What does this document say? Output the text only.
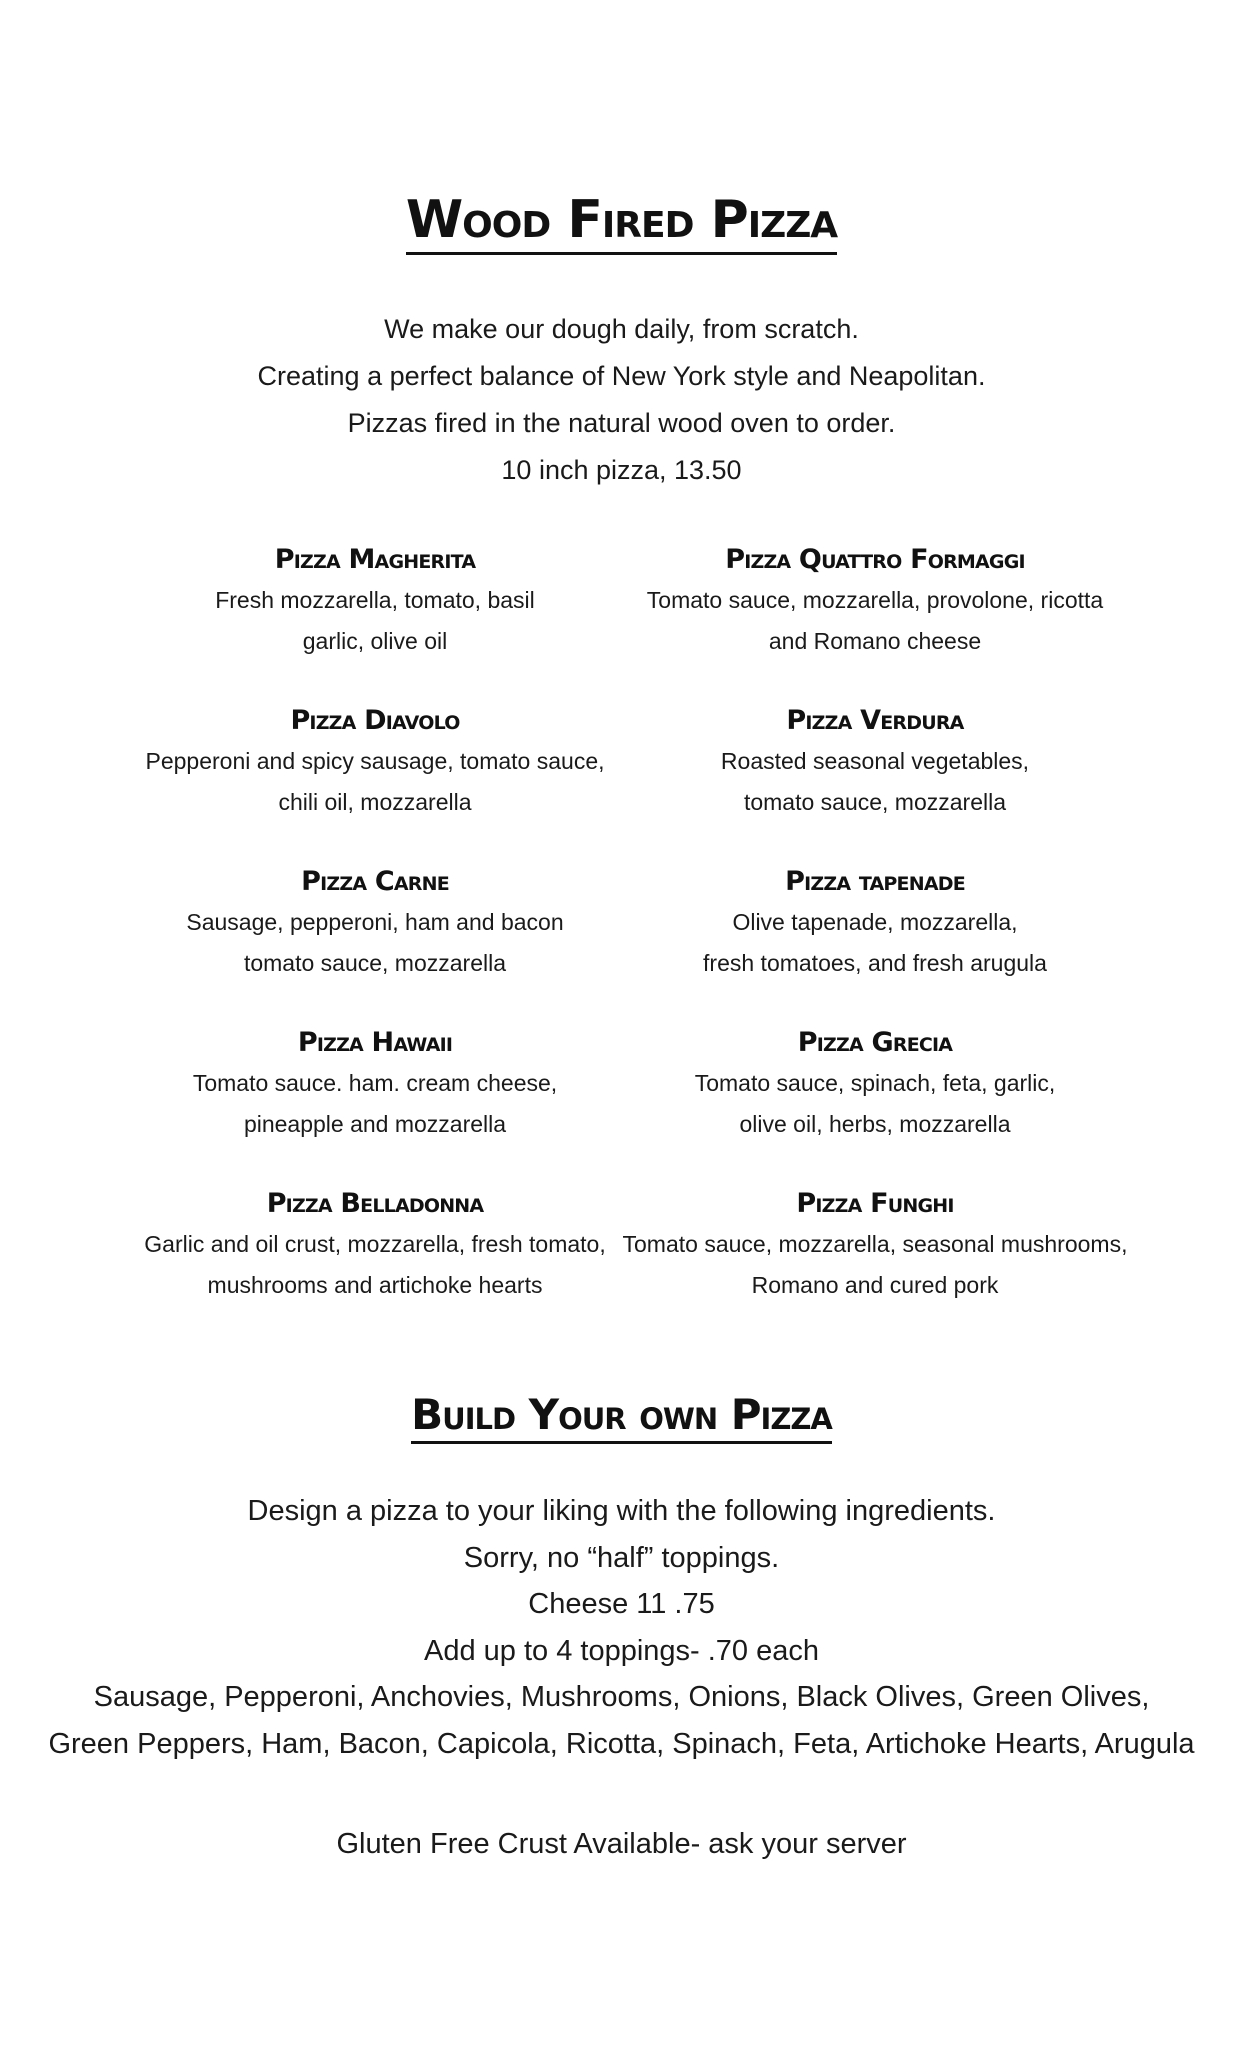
Wood Fired Pizza
We make our dough daily, from scratch.
Creating a perfect balance of New York style and Neapolitan.
Pizzas fired in the natural wood oven to order.
10 inch pizza, 13.50
Pizza Magherita
Fresh mozzarella, tomato, basil
garlic, olive oil
Pizza Diavolo
Pepperoni and spicy sausage, tomato sauce,
chili oil, mozzarella
Pizza Carne
Sausage, pepperoni, ham and bacon
tomato sauce, mozzarella
Pizza Hawaii
Tomato sauce. ham. cream cheese,
pineapple and mozzarella
Pizza Belladonna
Garlic and oil crust, mozzarella, fresh tomato,
mushrooms and artichoke hearts
Pizza Quattro Formaggi
Tomato sauce, mozzarella, provolone, ricotta
and Romano cheese
Pizza Verdura
Roasted seasonal vegetables,
tomato sauce, mozzarella
Pizza tapenade
Olive tapenade, mozzarella,
fresh tomatoes, and fresh arugula
Pizza Grecia
Tomato sauce, spinach, feta, garlic,
olive oil, herbs, mozzarella
Pizza Funghi
Tomato sauce, mozzarella, seasonal mushrooms,
Romano and cured pork
Build Your own Pizza
Design a pizza to your liking with the following ingredients.
Sorry, no “half” toppings.
Cheese 11 .75
Add up to 4 toppings- .70 each
Sausage, Pepperoni, Anchovies, Mushrooms, Onions, Black Olives, Green Olives,
Green Peppers, Ham, Bacon, Capicola, Ricotta, Spinach, Feta, Artichoke Hearts, Arugula
Gluten Free Crust Available- ask your server
